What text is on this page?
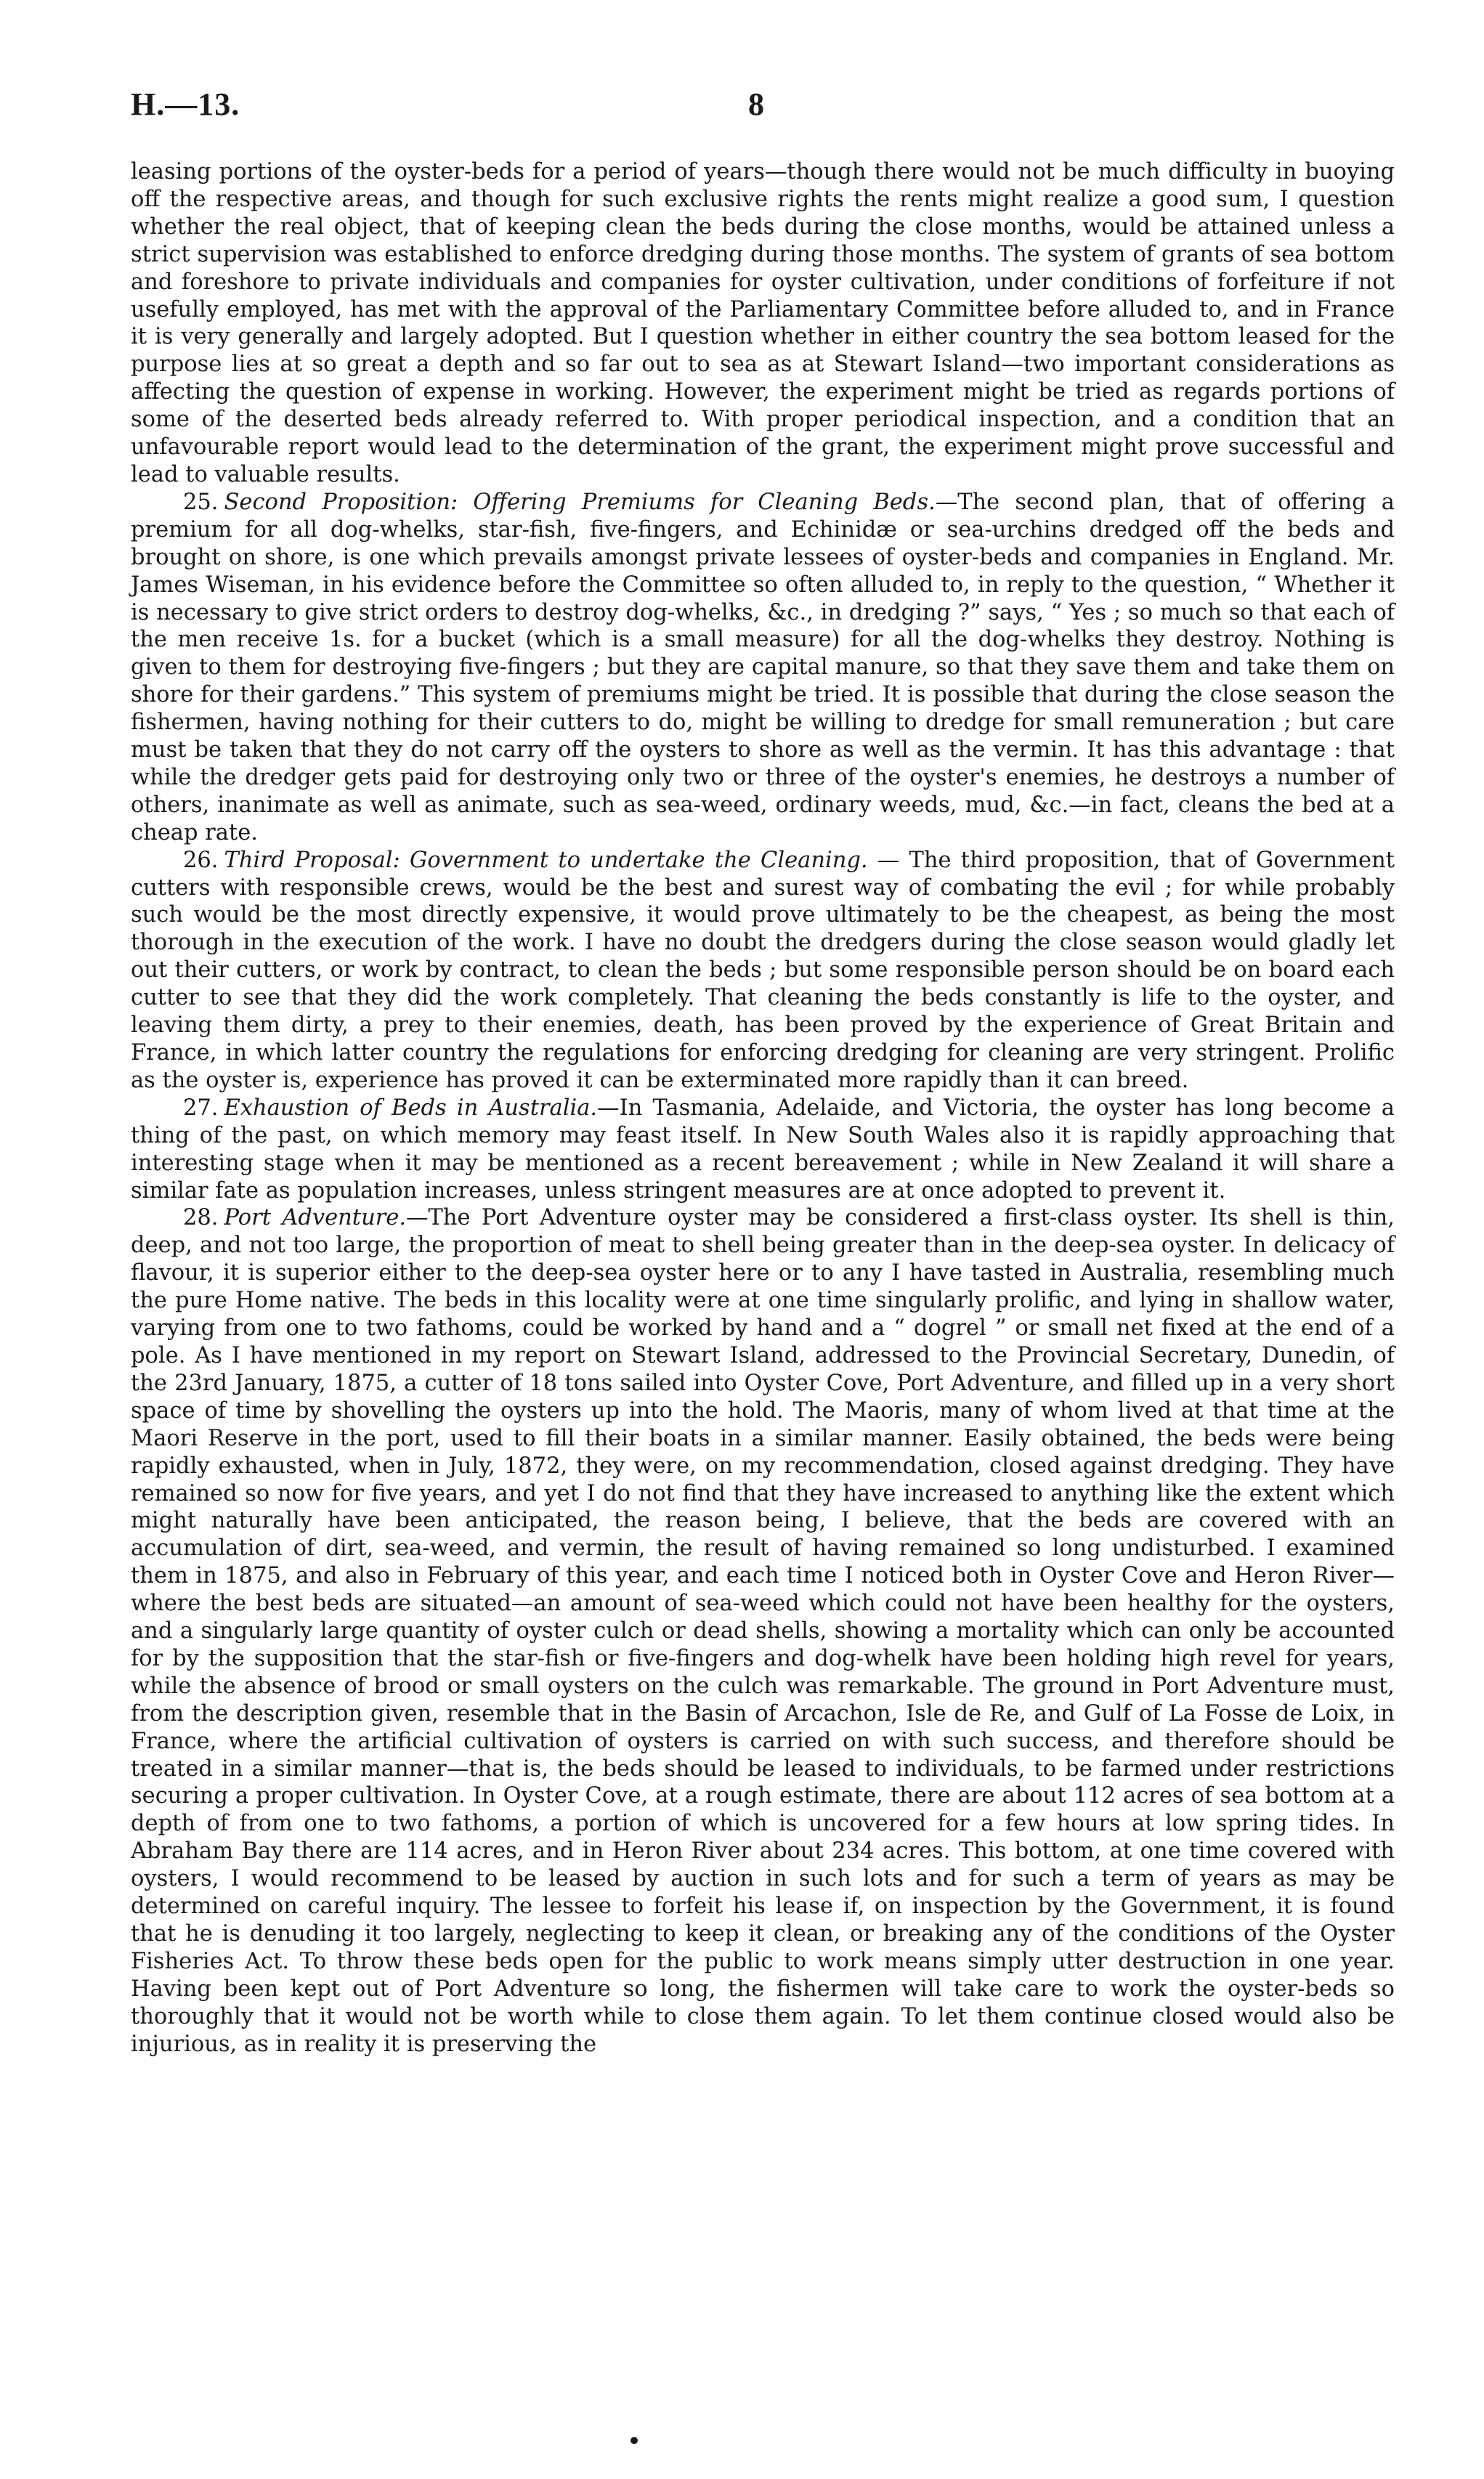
H.—13.	8

leasing portions of the oyster-beds for a period of years—though there would not be much difficulty in buoying off the respective areas, and though for such exclusive rights the rents might realize a good sum, I question whether the real object, that of keeping clean the beds during the close months, would be attained unless a strict supervision was established to enforce dredging during those months. The system of grants of sea bottom and foreshore to private individuals and companies for oyster cultivation, under conditions of forfeiture if not usefully employed, has met with the approval of the Parliamentary Committee before alluded to, and in France it is very generally and largely adopted. But I question whether in either country the sea bottom leased for the purpose lies at so great a depth and so far out to sea as at Stewart Island—two important considerations as affecting the question of expense in working. However, the experiment might be tried as regards portions of some of the deserted beds already referred to. With proper periodical inspection, and a condition that an unfavourable report would lead to the determination of the grant, the experiment might prove successful and lead to valuable results.

25. Second Proposition: Offering Premiums for Cleaning Beds.—The second plan, that of offering a premium for all dog-whelks, star-fish, five-fingers, and Echinidæ or sea-urchins dredged off the beds and brought on shore, is one which prevails amongst private lessees of oyster-beds and companies in England. Mr. James Wiseman, in his evidence before the Committee so often alluded to, in reply to the question, “ Whether it is necessary to give strict orders to destroy dog-whelks, &c., in dredging ?” says, “ Yes ; so much so that each of the men receive 1s. for a bucket (which is a small measure) for all the dog-whelks they destroy. Nothing is given to them for destroying five-fingers ; but they are capital manure, so that they save them and take them on shore for their gardens.” This system of premiums might be tried. It is possible that during the close season the fishermen, having nothing for their cutters to do, might be willing to dredge for small remuneration ; but care must be taken that they do not carry off the oysters to shore as well as the vermin. It has this advantage : that while the dredger gets paid for destroying only two or three of the oyster's enemies, he destroys a number of others, inanimate as well as animate, such as sea-weed, ordinary weeds, mud, &c.—in fact, cleans the bed at a cheap rate.

26. Third Proposal: Government to undertake the Cleaning. — The third proposition, that of Government cutters with responsible crews, would be the best and surest way of combating the evil ; for while probably such would be the most directly expensive, it would prove ultimately to be the cheapest, as being the most thorough in the execution of the work. I have no doubt the dredgers during the close season would gladly let out their cutters, or work by contract, to clean the beds ; but some responsible person should be on board each cutter to see that they did the work completely. That cleaning the beds constantly is life to the oyster, and leaving them dirty, a prey to their enemies, death, has been proved by the experience of Great Britain and France, in which latter country the regulations for enforcing dredging for cleaning are very stringent. Prolific as the oyster is, experience has proved it can be exterminated more rapidly than it can breed.

27. Exhaustion of Beds in Australia.—In Tasmania, Adelaide, and Victoria, the oyster has long become a thing of the past, on which memory may feast itself. In New South Wales also it is rapidly approaching that interesting stage when it may be mentioned as a recent bereavement ; while in New Zealand it will share a similar fate as population increases, unless stringent measures are at once adopted to prevent it.

28. Port Adventure.—The Port Adventure oyster may be considered a first-class oyster. Its shell is thin, deep, and not too large, the proportion of meat to shell being greater than in the deep-sea oyster. In delicacy of flavour, it is superior either to the deep-sea oyster here or to any I have tasted in Australia, resembling much the pure Home native. The beds in this locality were at one time singularly prolific, and lying in shallow water, varying from one to two fathoms, could be worked by hand and a “ dogrel ” or small net fixed at the end of a pole. As I have mentioned in my report on Stewart Island, addressed to the Provincial Secretary, Dunedin, of the 23rd January, 1875, a cutter of 18 tons sailed into Oyster Cove, Port Adventure, and filled up in a very short space of time by shovelling the oysters up into the hold. The Maoris, many of whom lived at that time at the Maori Reserve in the port, used to fill their boats in a similar manner. Easily obtained, the beds were being rapidly exhausted, when in July, 1872, they were, on my recommendation, closed against dredging. They have remained so now for five years, and yet I do not find that they have increased to anything like the extent which might naturally have been anticipated, the reason being, I believe, that the beds are covered with an accumulation of dirt, sea-weed, and vermin, the result of having remained so long undisturbed. I examined them in 1875, and also in February of this year, and each time I noticed both in Oyster Cove and Heron River—where the best beds are situated—an amount of sea-weed which could not have been healthy for the oysters, and a singularly large quantity of oyster culch or dead shells, showing a mortality which can only be accounted for by the supposition that the star-fish or five-fingers and dog-whelk have been holding high revel for years, while the absence of brood or small oysters on the culch was remarkable. The ground in Port Adventure must, from the description given, resemble that in the Basin of Arcachon, Isle de Re, and Gulf of La Fosse de Loix, in France, where the artificial cultivation of oysters is carried on with such success, and therefore should be treated in a similar manner—that is, the beds should be leased to individuals, to be farmed under restrictions securing a proper cultivation. In Oyster Cove, at a rough estimate, there are about 112 acres of sea bottom at a depth of from one to two fathoms, a portion of which is uncovered for a few hours at low spring tides. In Abraham Bay there are 114 acres, and in Heron River about 234 acres. This bottom, at one time covered with oysters, I would recommend to be leased by auction in such lots and for such a term of years as may be determined on careful inquiry. The lessee to forfeit his lease if, on inspection by the Government, it is found that he is denuding it too largely, neglecting to keep it clean, or breaking any of the conditions of the Oyster Fisheries Act. To throw these beds open for the public to work means simply utter destruction in one year. Having been kept out of Port Adventure so long, the fishermen will take care to work the oyster-beds so thoroughly that it would not be worth while to close them again. To let them continue closed would also be injurious, as in reality it is preserving the
